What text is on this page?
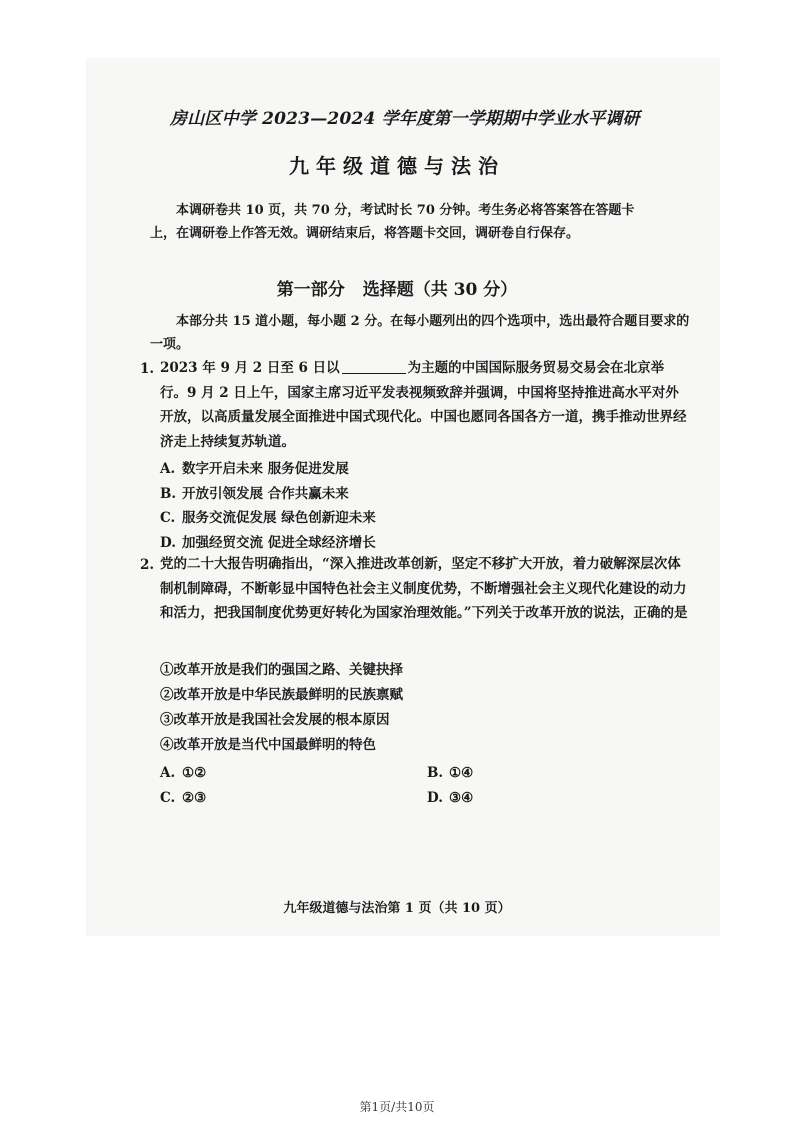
房山区中学 2023—2024 学年度第一学期期中学业水平调研
九年级道德与法治
本调研卷共 10 页，共 70 分，考试时长 70 分钟。考生务必将答案答在答题卡上，在调研卷上作答无效。调研结束后，将答题卡交回，调研卷自行保存。
第一部分 选择题（共 30 分）
本部分共 15 道小题，每小题 2 分。在每小题列出的四个选项中，选出最符合题目要求的一项。
1. 2023 年 9 月 2 日至 6 日以	为主题的中国国际服务贸易交易会在北京举行。9 月 2 日上午，国家主席习近平发表视频致辞并强调，中国将坚持推进高水平对外开放，以高质量发展全面推进中国式现代化。中国也愿同各国各方一道，携手推动世界经济走上持续复苏轨道。
A. 数字开启未来 服务促进发展
B. 开放引领发展 合作共赢未来
C. 服务交流促发展 绿色创新迎未来
D. 加强经贸交流 促进全球经济增长
2. 党的二十大报告明确指出，“深入推进改革创新，坚定不移扩大开放，着力破解深层次体制机制障碍，不断彰显中国特色社会主义制度优势，不断增强社会主义现代化建设的动力和活力，把我国制度优势更好转化为国家治理效能。”下列关于改革开放的说法，正确的是
①改革开放是我们的强国之路、关键抉择
②改革开放是中华民族最鲜明的民族禀赋
③改革开放是我国社会发展的根本原因
④改革开放是当代中国最鲜明的特色
A. ①②	B. ①④
C. ②③	D. ③④
九年级道德与法治第 1 页（共 10 页）
第1页/共10页
